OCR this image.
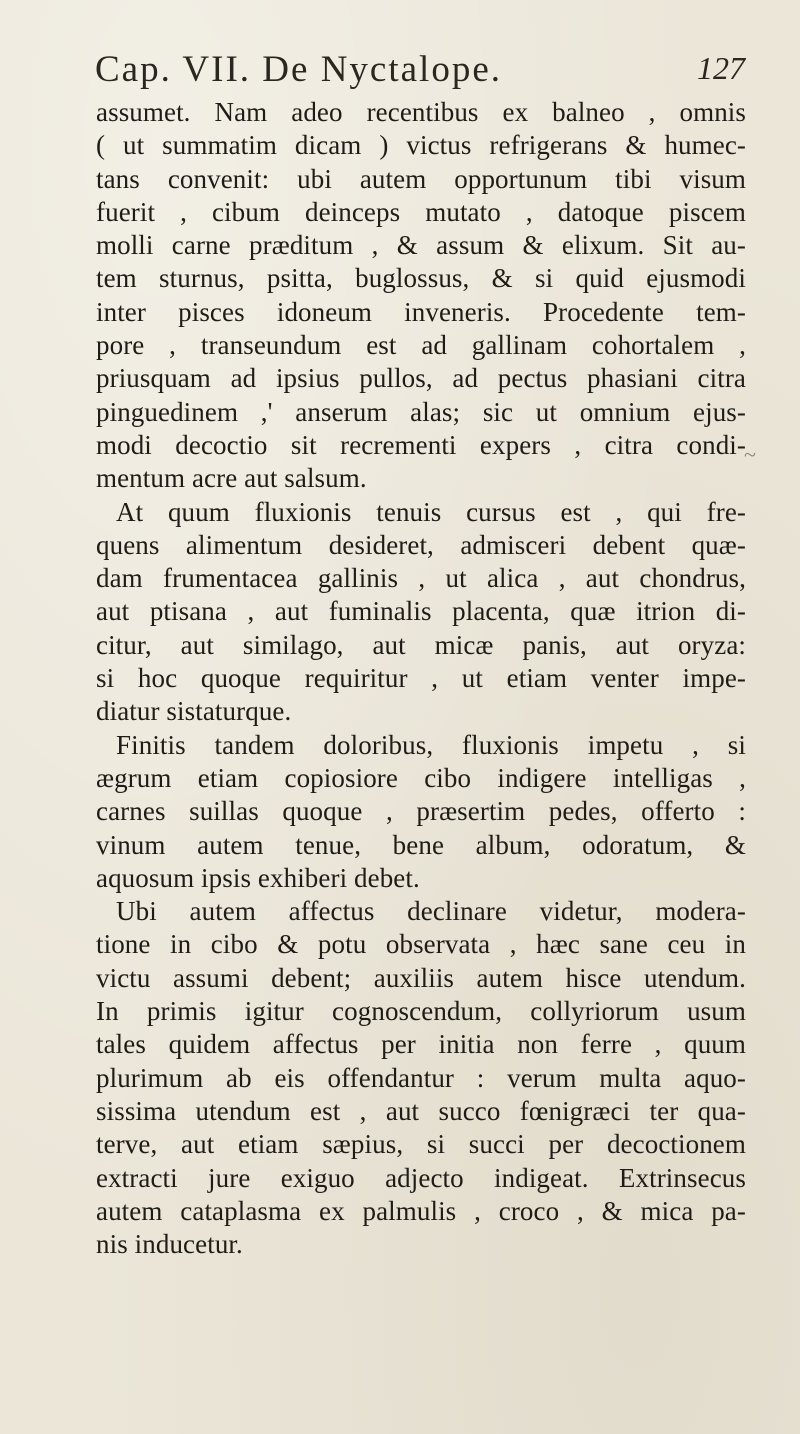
Cap. VII. De Nyctalope.	127
assumet. Nam adeo recentibus ex balneo , omnis
( ut summatim dicam ) victus refrigerans & humec-
tans convenit: ubi autem opportunum tibi visum
fuerit , cibum deinceps mutato , datoque piscem
molli carne præditum , & assum & elixum. Sit au-
tem sturnus, psitta, buglossus, & si quid ejusmodi
inter pisces idoneum inveneris. Procedente tem-
pore , transeundum est ad gallinam cohortalem ,
priusquam ad ipsius pullos, ad pectus phasiani citra
pinguedinem ,' anserum alas; sic ut omnium ejus-
modi decoctio sit recrementi expers , citra condi-
mentum acre aut salsum.
At quum fluxionis tenuis cursus est , qui fre-
quens alimentum desideret, admisceri debent quæ-
dam frumentacea gallinis , ut alica , aut chondrus,
aut ptisana , aut fuminalis placenta, quæ itrion di-
citur, aut similago, aut micæ panis, aut oryza:
si hoc quoque requiritur , ut etiam venter impe-
diatur sistaturque.
Finitis tandem doloribus, fluxionis impetu , si
ægrum etiam copiosiore cibo indigere intelligas ,
carnes suillas quoque , præsertim pedes, offerto :
vinum autem tenue, bene album, odoratum, &
aquosum ipsis exhiberi debet.
Ubi autem affectus declinare videtur, modera-
tione in cibo & potu observata , hæc sane ceu in
victu assumi debent; auxiliis autem hisce utendum.
In primis igitur cognoscendum, collyriorum usum
tales quidem affectus per initia non ferre , quum
plurimum ab eis offendantur : verum multa aquo-
sissima utendum est , aut succo fœnigræci ter qua-
terve, aut etiam sæpius, si succi per decoctionem
extracti jure exiguo adjecto indigeat. Extrinsecus
autem cataplasma ex palmulis , croco , & mica pa-
nis inducetur.
~
